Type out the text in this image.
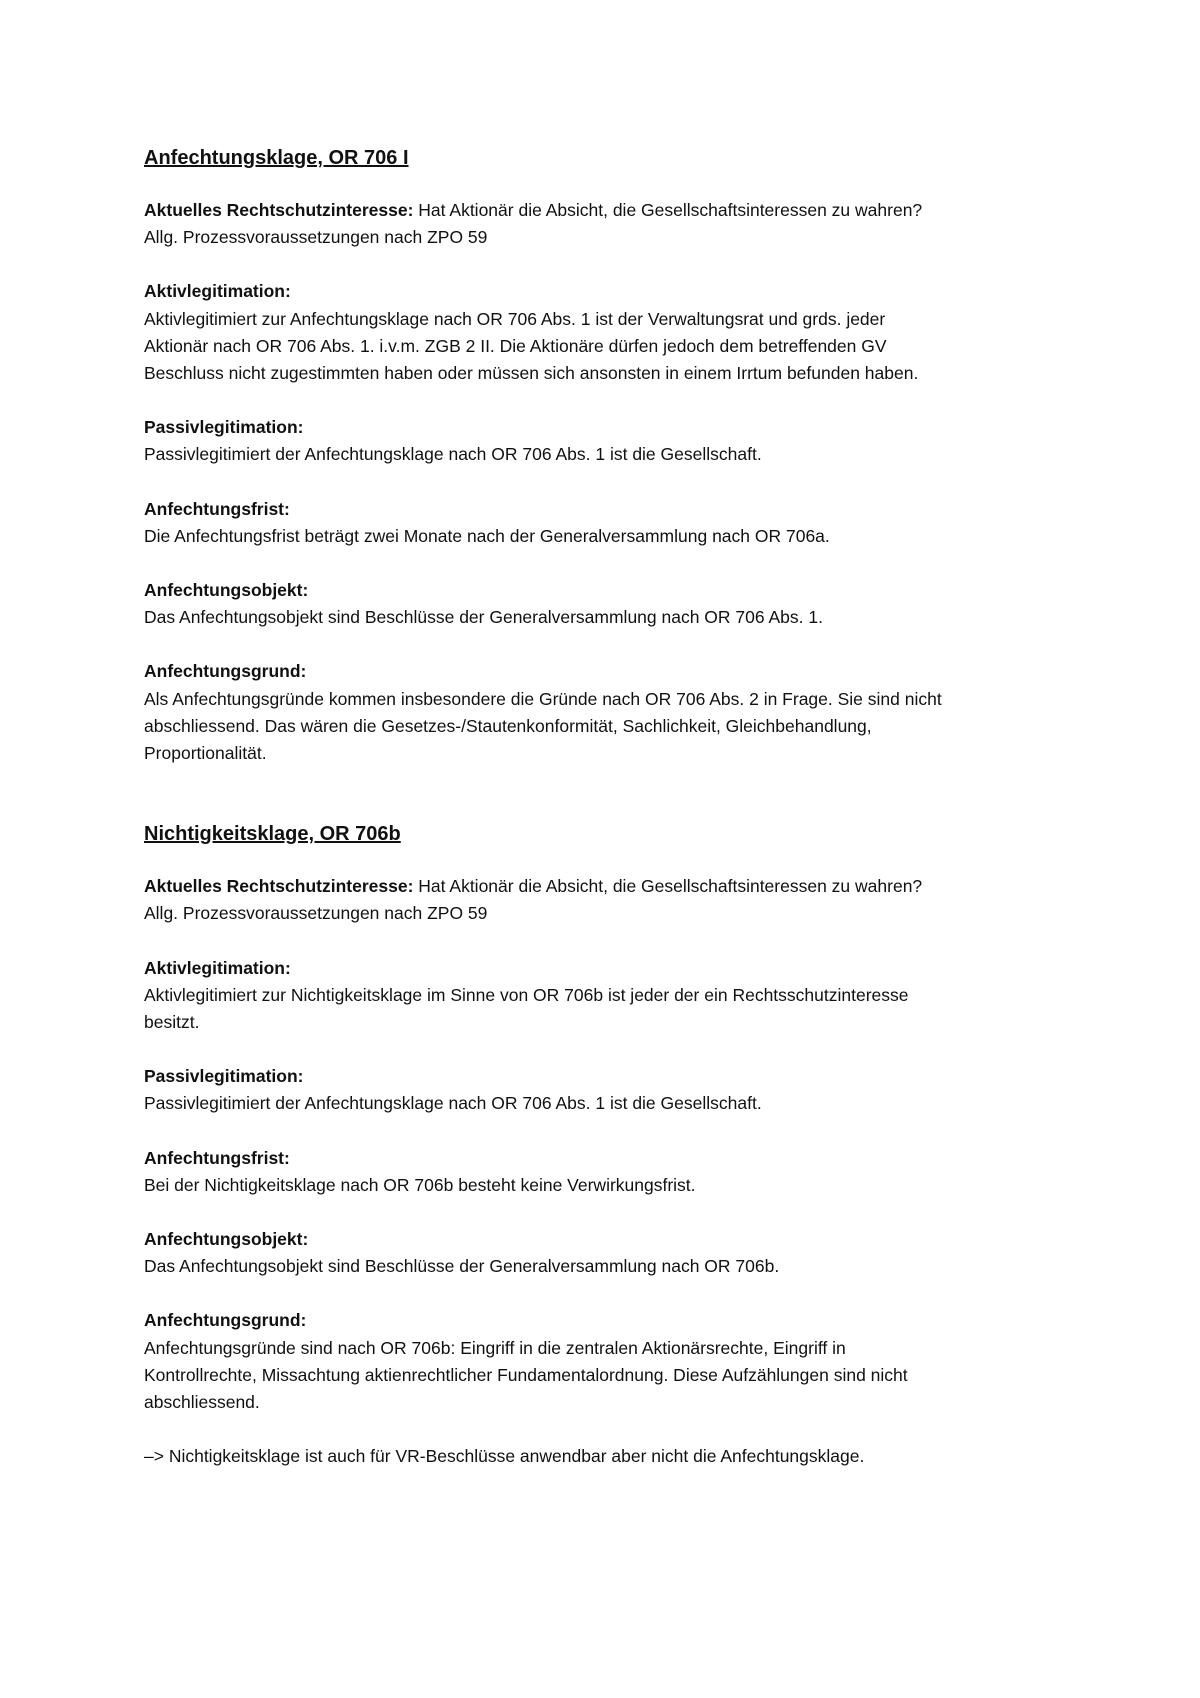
Anfechtungsklage, OR 706 I
Aktuelles Rechtschutzinteresse: Hat Aktionär die Absicht, die Gesellschaftsinteressen zu wahren?
Allg. Prozessvoraussetzungen nach ZPO 59
Aktivlegitimation:
Aktivlegitimiert zur Anfechtungsklage nach OR 706 Abs. 1 ist der Verwaltungsrat und grds. jeder
Aktionär nach OR 706 Abs. 1. i.v.m. ZGB 2 II. Die Aktionäre dürfen jedoch dem betreffenden GV
Beschluss nicht zugestimmten haben oder müssen sich ansonsten in einem Irrtum befunden haben.
Passivlegitimation:
Passivlegitimiert der Anfechtungsklage nach OR 706 Abs. 1 ist die Gesellschaft.
Anfechtungsfrist:
Die Anfechtungsfrist beträgt zwei Monate nach der Generalversammlung nach OR 706a.
Anfechtungsobjekt:
Das Anfechtungsobjekt sind Beschlüsse der Generalversammlung nach OR 706 Abs. 1.
Anfechtungsgrund:
Als Anfechtungsgründe kommen insbesondere die Gründe nach OR 706 Abs. 2 in Frage. Sie sind nicht
abschliessend. Das wären die Gesetzes-/Stautenkonformität, Sachlichkeit, Gleichbehandlung,
Proportionalität.
Nichtigkeitsklage, OR 706b
Aktuelles Rechtschutzinteresse: Hat Aktionär die Absicht, die Gesellschaftsinteressen zu wahren?
Allg. Prozessvoraussetzungen nach ZPO 59
Aktivlegitimation:
Aktivlegitimiert zur Nichtigkeitsklage im Sinne von OR 706b ist jeder der ein Rechtsschutzinteresse
besitzt.
Passivlegitimation:
Passivlegitimiert der Anfechtungsklage nach OR 706 Abs. 1 ist die Gesellschaft.
Anfechtungsfrist:
Bei der Nichtigkeitsklage nach OR 706b besteht keine Verwirkungsfrist.
Anfechtungsobjekt:
Das Anfechtungsobjekt sind Beschlüsse der Generalversammlung nach OR 706b.
Anfechtungsgrund:
Anfechtungsgründe sind nach OR 706b: Eingriff in die zentralen Aktionärsrechte, Eingriff in
Kontrollrechte, Missachtung aktienrechtlicher Fundamentalordnung. Diese Aufzählungen sind nicht
abschliessend.
–> Nichtigkeitsklage ist auch für VR-Beschlüsse anwendbar aber nicht die Anfechtungsklage.
